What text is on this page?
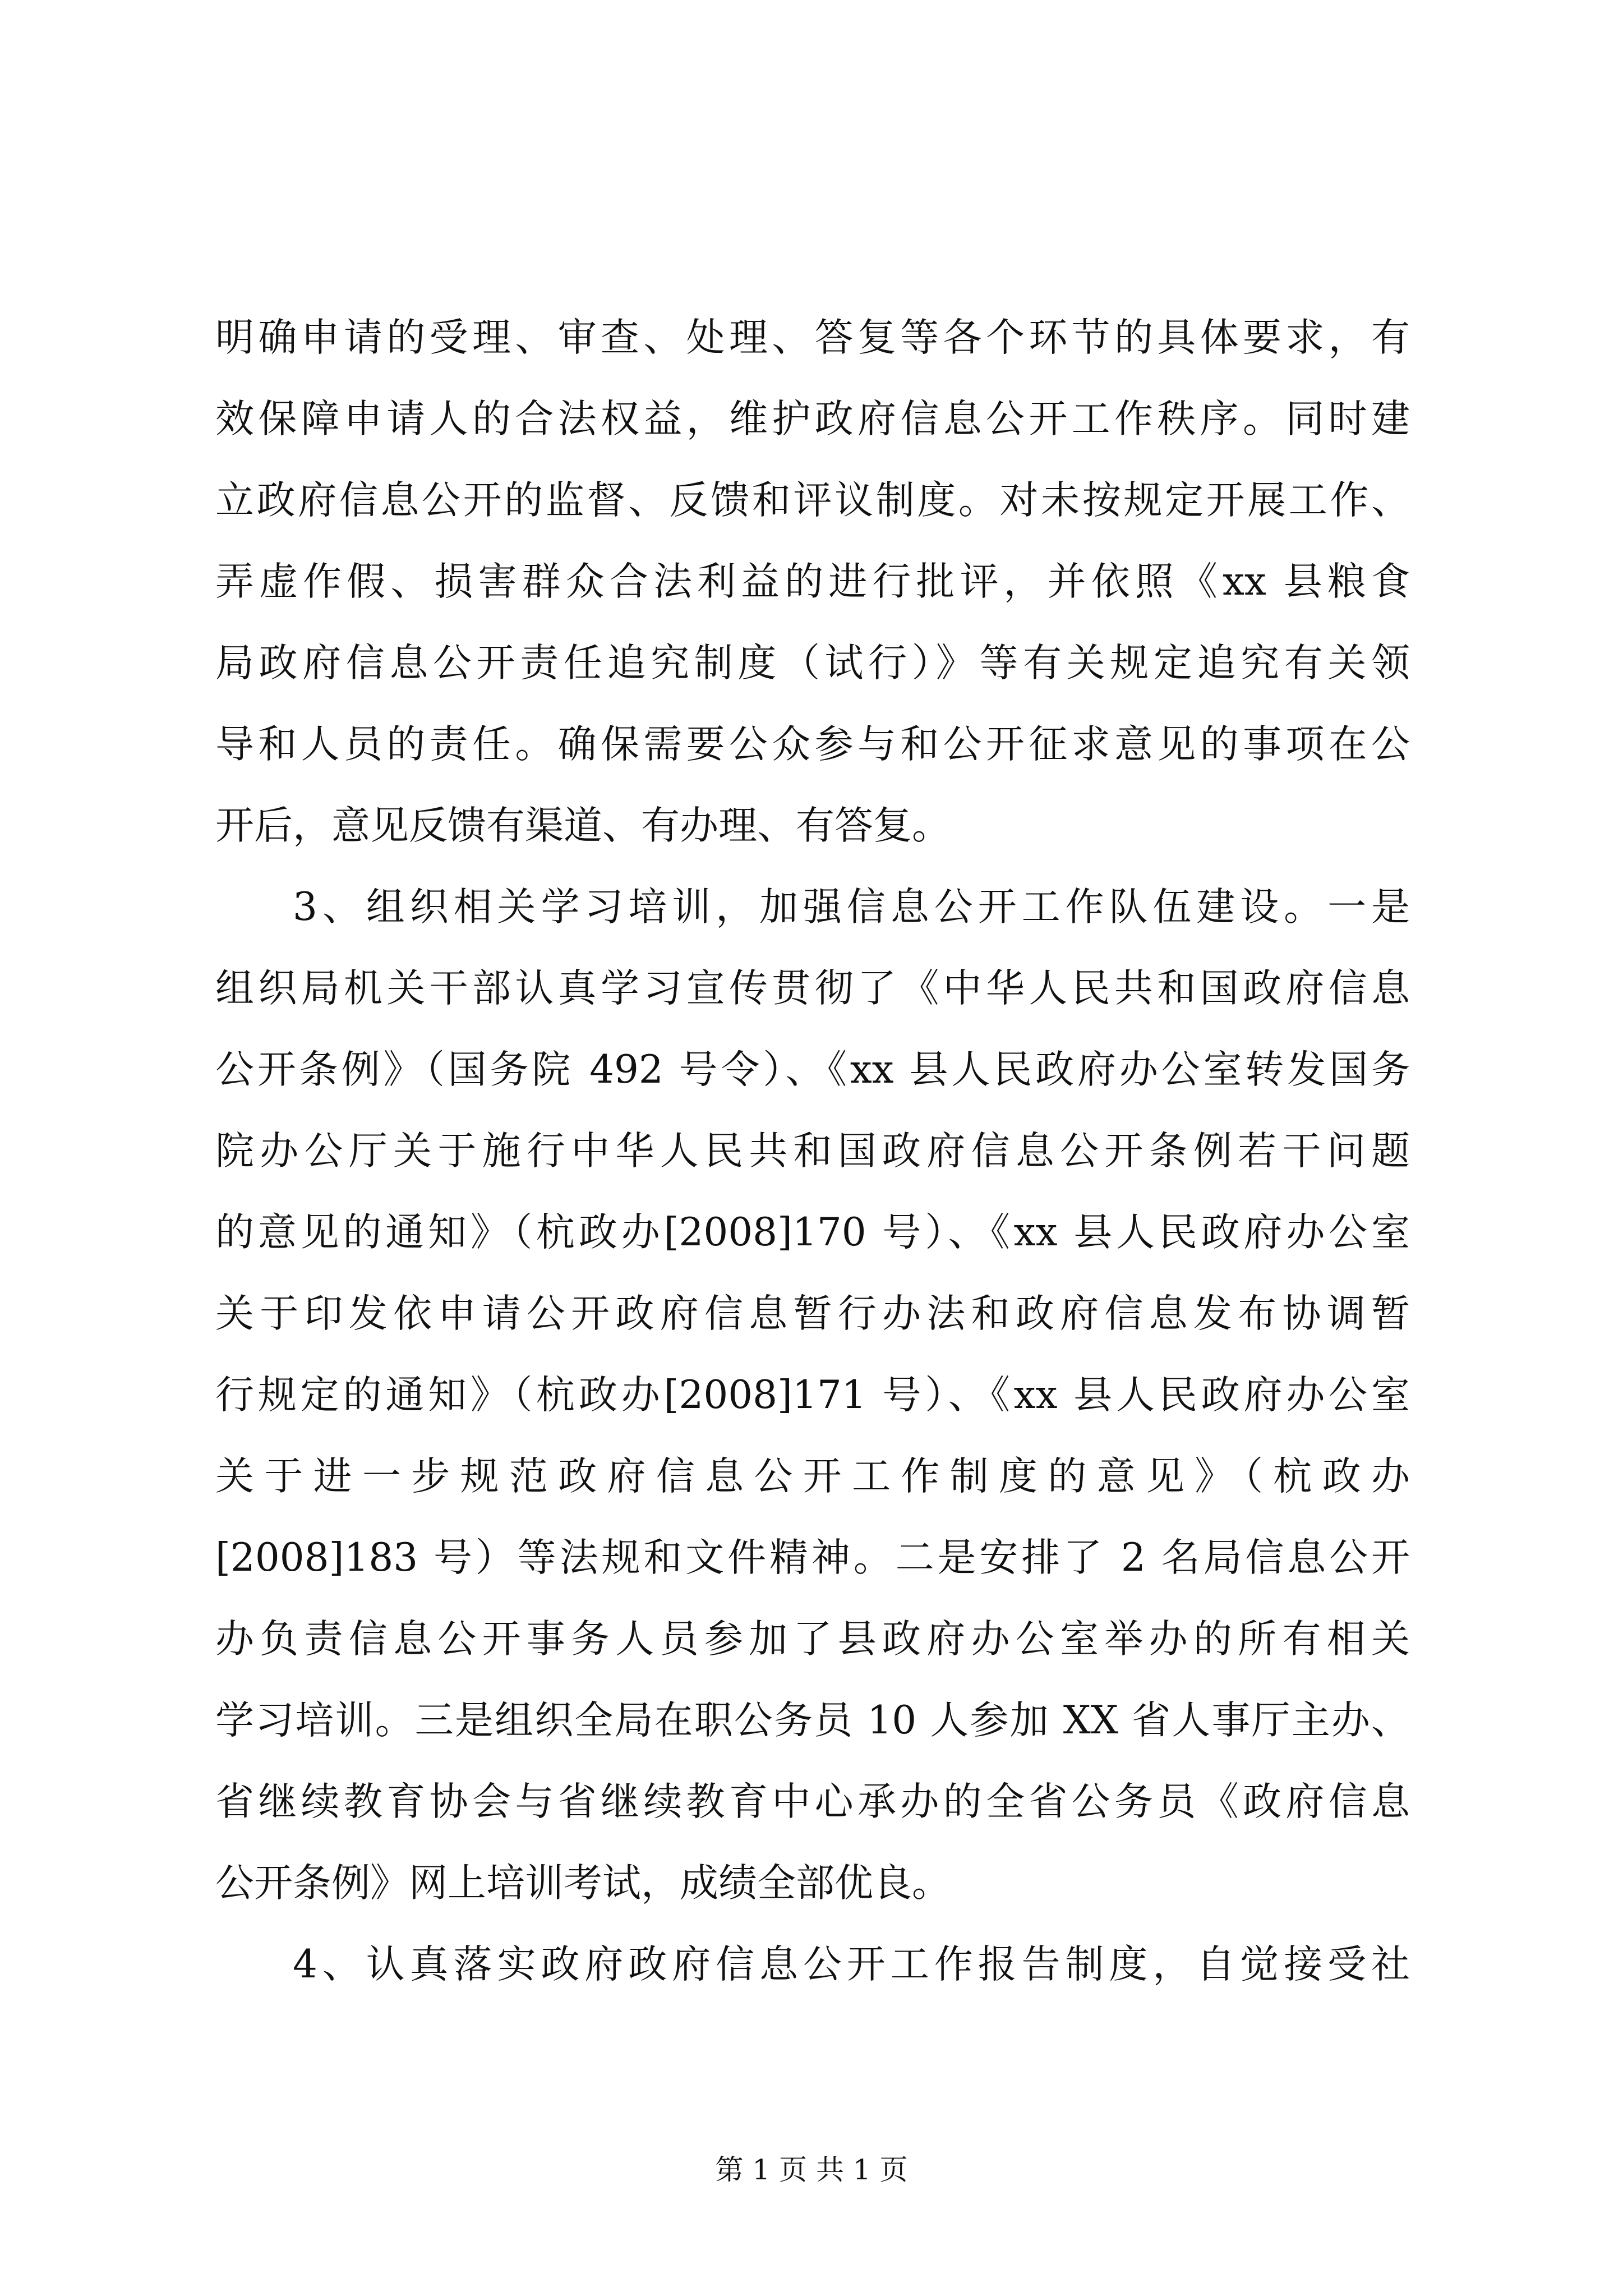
明确申请的受理、审查、处理、答复等各个环节的具体要求，有
效保障申请人的合法权益，维护政府信息公开工作秩序。同时建
立政府信息公开的监督、反馈和评议制度。对未按规定开展工作、
弄虚作假、损害群众合法利益的进行批评，并依照《xx 县粮食
局政府信息公开责任追究制度（试行）》等有关规定追究有关领
导和人员的责任。确保需要公众参与和公开征求意见的事项在公
开后，意见反馈有渠道、有办理、有答复。
3、组织相关学习培训，加强信息公开工作队伍建设。一是
组织局机关干部认真学习宣传贯彻了《中华人民共和国政府信息
公开条例》（国务院 492 号令）、《xx 县人民政府办公室转发国务
院办公厅关于施行中华人民共和国政府信息公开条例若干问题
的意见的通知》（杭政办[2008]170 号）、《xx 县人民政府办公室
关于印发依申请公开政府信息暂行办法和政府信息发布协调暂
行规定的通知》（杭政办[2008]171 号）、《xx 县人民政府办公室
关于进一步规范政府信息公开工作制度的意见》（杭政办
[2008]183 号）等法规和文件精神。二是安排了 2 名局信息公开
办负责信息公开事务人员参加了县政府办公室举办的所有相关
学习培训。三是组织全局在职公务员 10 人参加 XX 省人事厅主办、
省继续教育协会与省继续教育中心承办的全省公务员《政府信息
公开条例》网上培训考试，成绩全部优良。
4、认真落实政府政府信息公开工作报告制度，自觉接受社
第 1 页 共 1 页
